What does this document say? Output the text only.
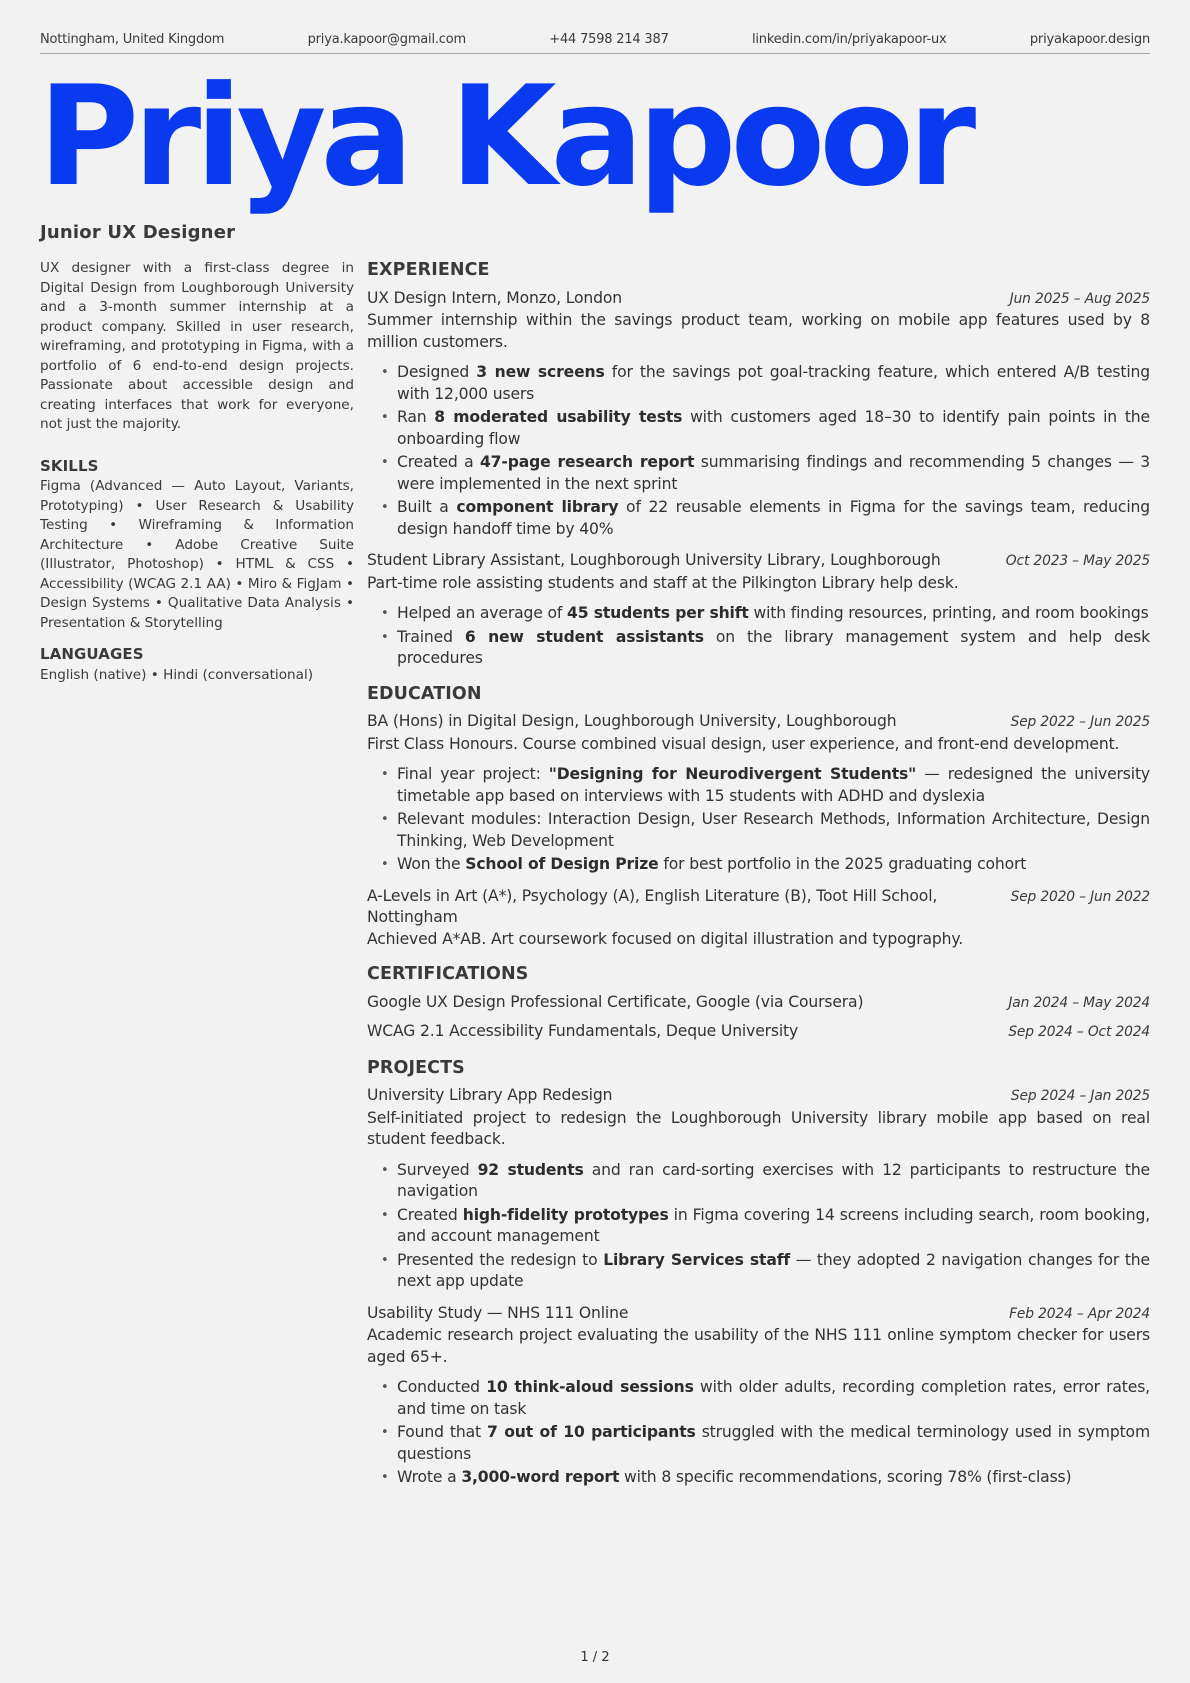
Nottingham, United Kingdom	priya.kapoor@gmail.com	+44 7598 214 387	linkedin.com/in/priyakapoor-ux	priyakapoor.design
Junior UX Designer
Priya Kapoor

UX designer with a first-class degree in Digital Design from Loughborough University and a 3-month summer internship at a product company. Skilled in user research, wireframing, and prototyping in Figma, with a portfolio of 6 end-to-end design projects. Passionate about accessible design and creating interfaces that work for everyone, not just the majority.

SKILLS

Figma (Advanced — Auto Layout, Variants, Prototyping) • User Research & Usability Testing • Wireframing & Information Architecture • Adobe Creative Suite (Illustrator, Photoshop) • HTML & CSS • Accessibility (WCAG 2.1 AA) • Miro & FigJam • Design Systems • Qualitative Data Analysis • Presentation & Storytelling

LANGUAGES

English (native) • Hindi (conversational)

EXPERIENCE
UX Design Intern, Monzo, London	Jun 2025 – Aug 2025
Summer internship within the savings product team, working on mobile app features used by 8 million customers.
• Designed 3 new screens for the savings pot goal-tracking feature, which entered A/B testing with 12,000 users
• Ran 8 moderated usability tests with customers aged 18–30 to identify pain points in the onboarding flow
• Created a 47-page research report summarising findings and recommending 5 changes — 3 were implemented in the next sprint
• Built a component library of 22 reusable elements in Figma for the savings team, reducing design handoff time by 40%
Student Library Assistant, Loughborough University Library, Loughborough	Oct 2023 – May 2025
Part-time role assisting students and staff at the Pilkington Library help desk.
• Helped an average of 45 students per shift with finding resources, printing, and room bookings
• Trained 6 new student assistants on the library management system and help desk procedures
EDUCATION
BA (Hons) in Digital Design, Loughborough University, Loughborough	Sep 2022 – Jun 2025
First Class Honours. Course combined visual design, user experience, and front-end development.
• Final year project: "Designing for Neurodivergent Students" — redesigned the university timetable app based on interviews with 15 students with ADHD and dyslexia
• Relevant modules: Interaction Design, User Research Methods, Information Architecture, Design Thinking, Web Development
• Won the School of Design Prize for best portfolio in the 2025 graduating cohort
A-Levels in Art (A*), Psychology (A), English Literature (B), Toot Hill School, Nottingham
Sep 2020 – Jun 2022
Achieved A*AB. Art coursework focused on digital illustration and typography.
CERTIFICATIONS
Google UX Design Professional Certificate, Google (via Coursera)	Jan 2024 – May 2024
WCAG 2.1 Accessibility Fundamentals, Deque University	Sep 2024 – Oct 2024
PROJECTS
University Library App Redesign	Sep 2024 – Jan 2025
Self-initiated project to redesign the Loughborough University library mobile app based on real student feedback.
• Surveyed 92 students and ran card-sorting exercises with 12 participants to restructure the navigation
• Created high-fidelity prototypes in Figma covering 14 screens including search, room booking, and account management
• Presented the redesign to Library Services staff — they adopted 2 navigation changes for the next app update
Usability Study — NHS 111 Online	Feb 2024 – Apr 2024
Academic research project evaluating the usability of the NHS 111 online symptom checker for users aged 65+.
• Conducted 10 think-aloud sessions with older adults, recording completion rates, error rates, and time on task
• Found that 7 out of 10 participants struggled with the medical terminology used in symptom questions
• Wrote a 3,000-word report with 8 specific recommendations, scoring 78% (first-class)
1 / 2
